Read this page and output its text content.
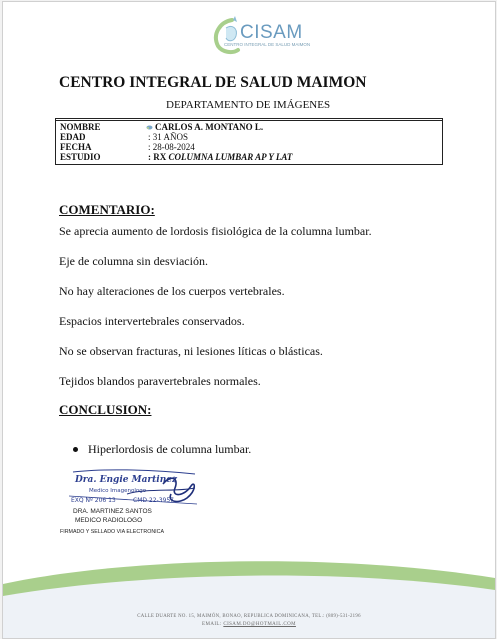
CISAM
CENTRO INTEGRAL DE SALUD MAIMON
CENTRO INTEGRAL DE SALUD MAIMON
DEPARTAMENTO DE IMÁGENES
NOMBRE	CARLOS A. MONTANO L.
EDAD	: 31 AÑOS
FECHA	: 28-08-2024
ESTUDIO	: RX COLUMNA LUMBAR AP Y LAT
COMENTARIO:
Se aprecia aumento de lordosis fisiológica de la columna lumbar.
Eje de columna sin desviación.
No hay alteraciones de los cuerpos vertebrales.
Espacios intervertebrales conservados.
No se observan fracturas, ni lesiones líticas o blásticas.
Tejidos blandos paravertebrales normales.
CONCLUSION:
Hiperlordosis de columna lumbar.
Dra. Engie Martinez
Medico Imagenologo
EXQ Nº 206 13	CMD 22-3957
DRA. MARTINEZ SANTOS
MEDICO RADIOLOGO
FIRMADO Y SELLADO VIA ELECTRONICA
CALLE DUARTE NO. 15, MAIMÓN, BONAO, REPUBLICA DOMINICANA, TEL.: (809)-531-2196
EMAIL: CISAM.DO@HOTMAIL.COM
